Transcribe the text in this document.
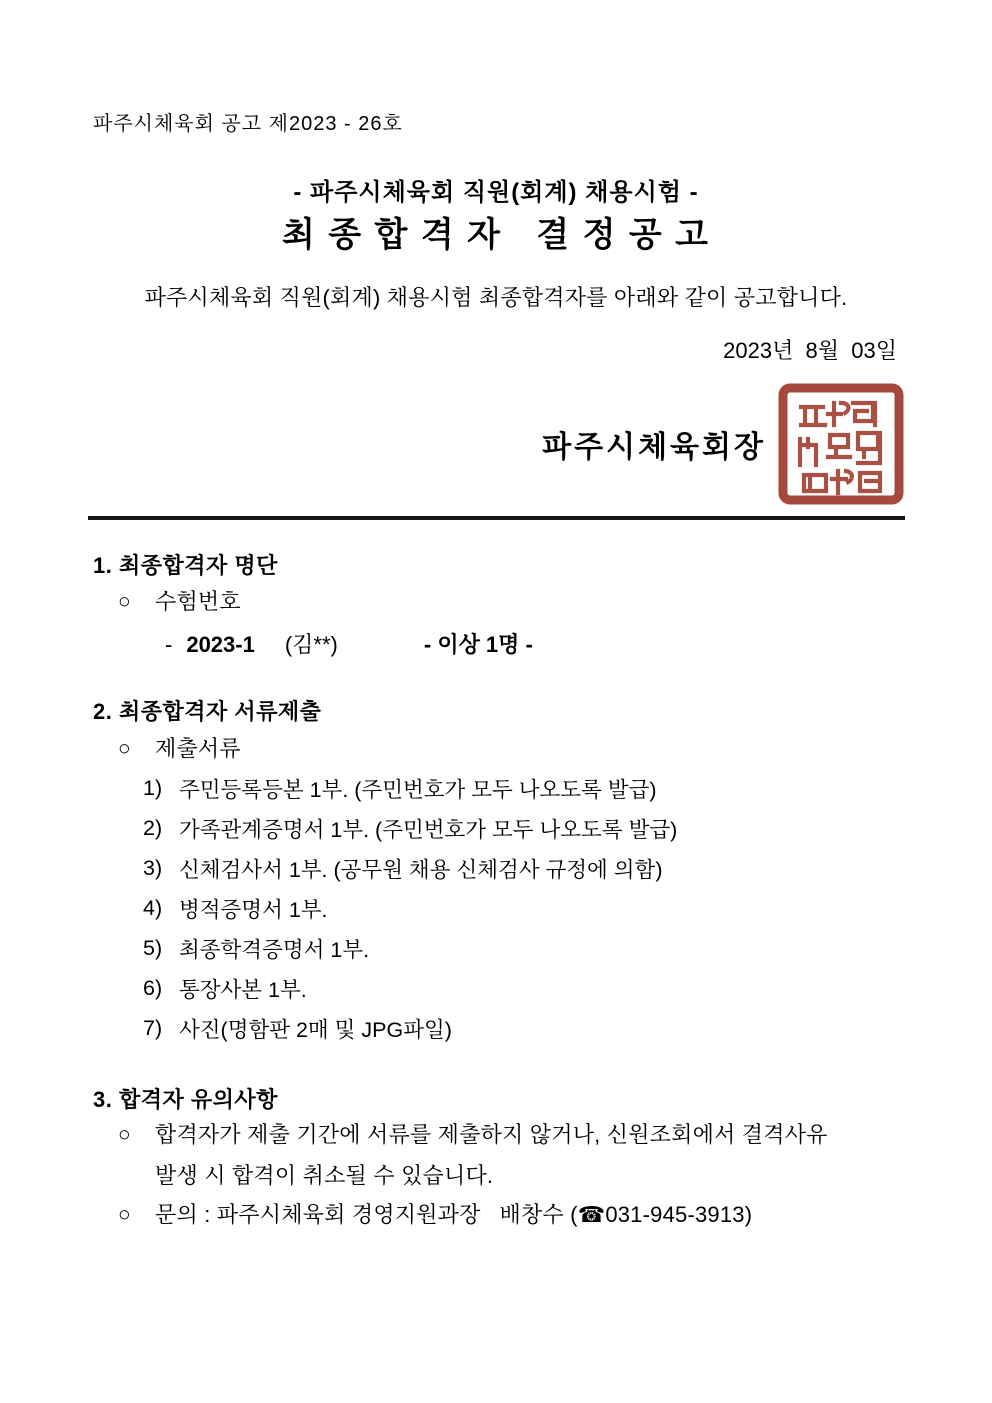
파주시체육회 공고 제2023 - 26호
- 파주시체육회 직원(회계) 채용시험 -
최 종 합 격 자   결 정 공 고
파주시체육회 직원(회계) 채용시험 최종합격자를 아래와 같이 공고합니다.
2023년  8월  03일
파주시체육회장
1. 최종합격자 명단
○	수험번호
- 2023-1 (김**)	- 이상 1명 -
2. 최종합격자 서류제출
○	제출서류
1) 주민등록등본 1부. (주민번호가 모두 나오도록 발급)
2) 가족관계증명서 1부. (주민번호가 모두 나오도록 발급)
3) 신체검사서 1부. (공무원 채용 신체검사 규정에 의함)
4) 병적증명서 1부.
5) 최종학격증명서 1부.
6) 통장사본 1부.
7) 사진(명함판 2매 및 JPG파일)
3. 합격자 유의사항
○	합격자가 제출 기간에 서류를 제출하지 않거나, 신원조회에서 결격사유
발생 시 합격이 취소될 수 있습니다.
○	문의 : 파주시체육회 경영지원과장   배창수 (☎031-945-3913)
